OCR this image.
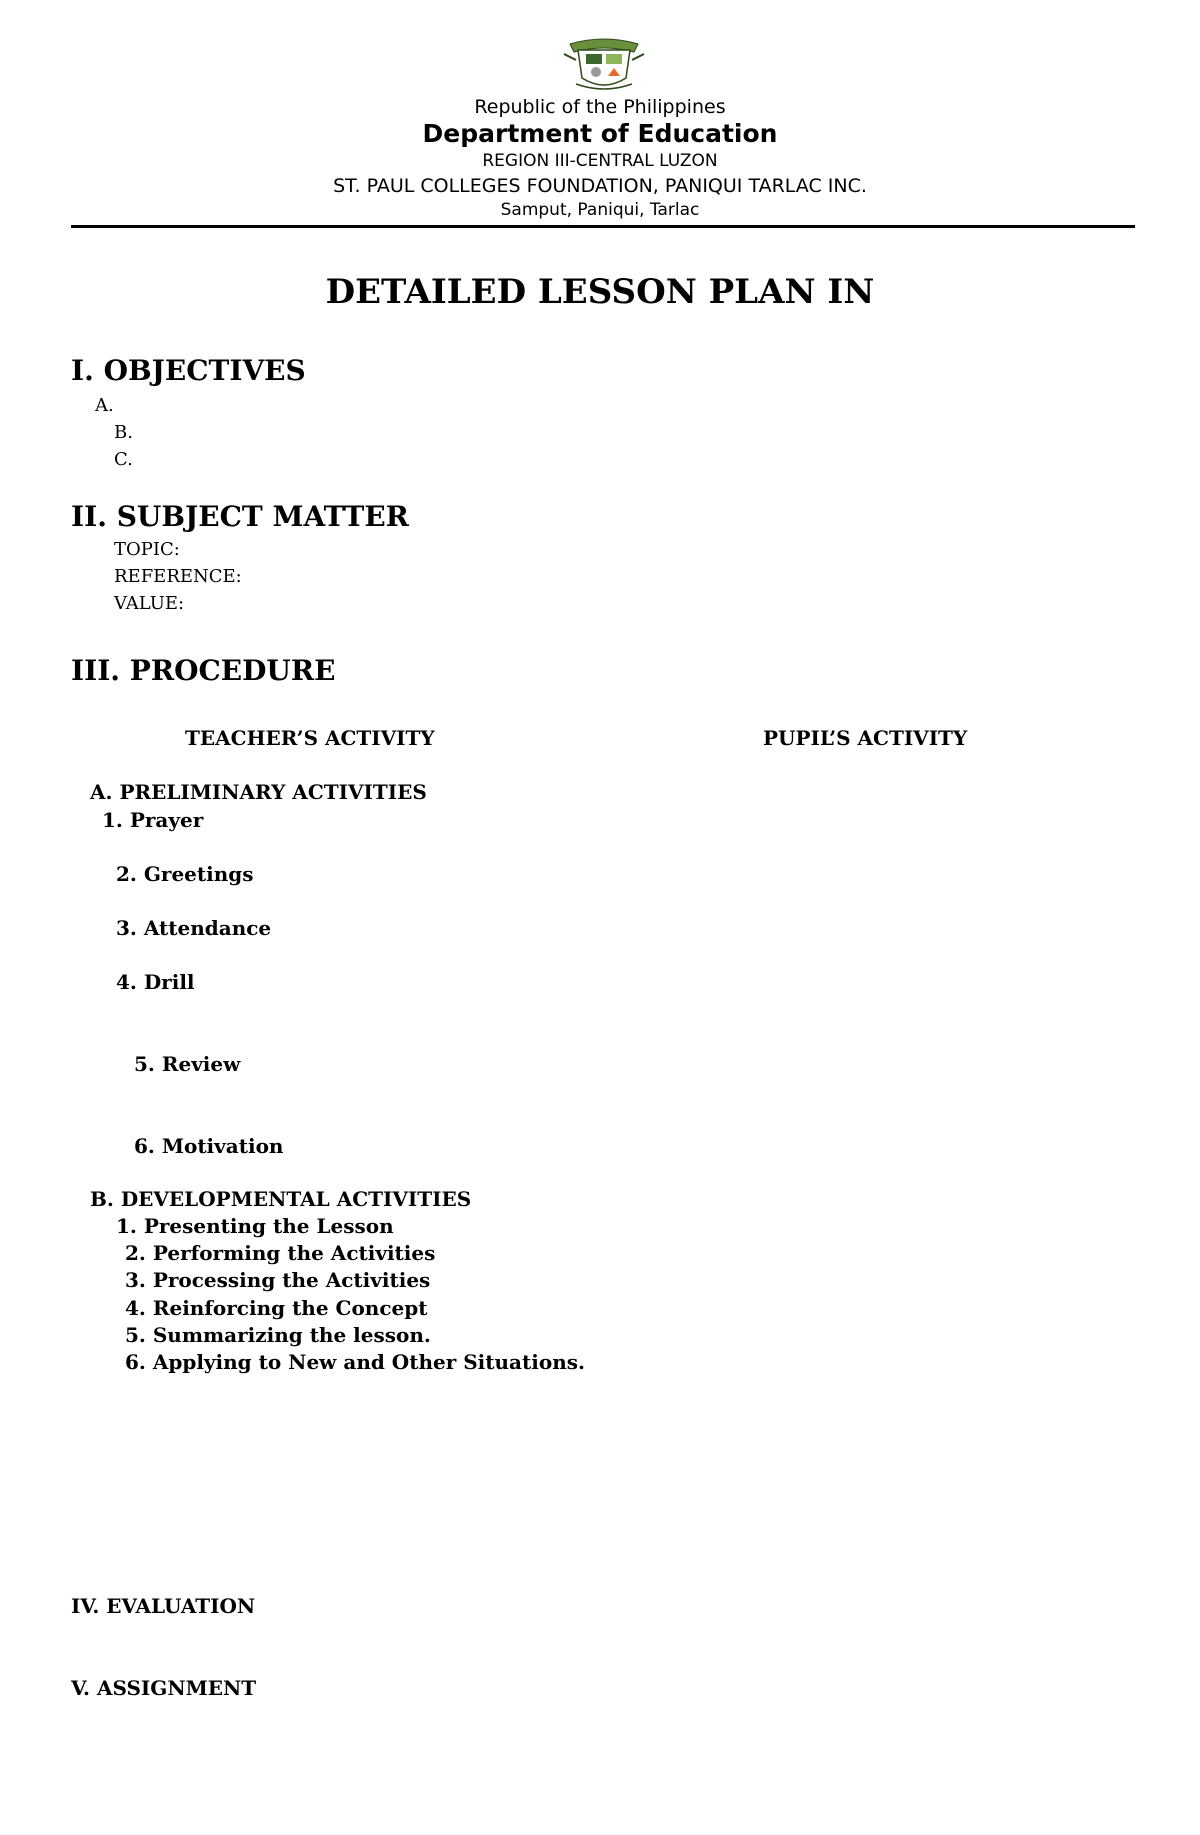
Republic of the Philippines
Department of Education
REGION III-CENTRAL LUZON
ST. PAUL COLLEGES FOUNDATION, PANIQUI TARLAC INC.
Samput, Paniqui, Tarlac
DETAILED LESSON PLAN IN
I. OBJECTIVES
A.
B.
C.
II. SUBJECT MATTER
TOPIC:
REFERENCE:
VALUE:
III. PROCEDURE
TEACHER’S ACTIVITY	PUPIL’S ACTIVITY
A. PRELIMINARY ACTIVITIES
1. Prayer
2. Greetings
3. Attendance
4. Drill
5. Review
6. Motivation
B. DEVELOPMENTAL ACTIVITIES
1. Presenting the Lesson
2. Performing the Activities
3. Processing the Activities
4. Reinforcing the Concept
5. Summarizing the lesson.
6. Applying to New and Other Situations.
IV. EVALUATION
V. ASSIGNMENT
